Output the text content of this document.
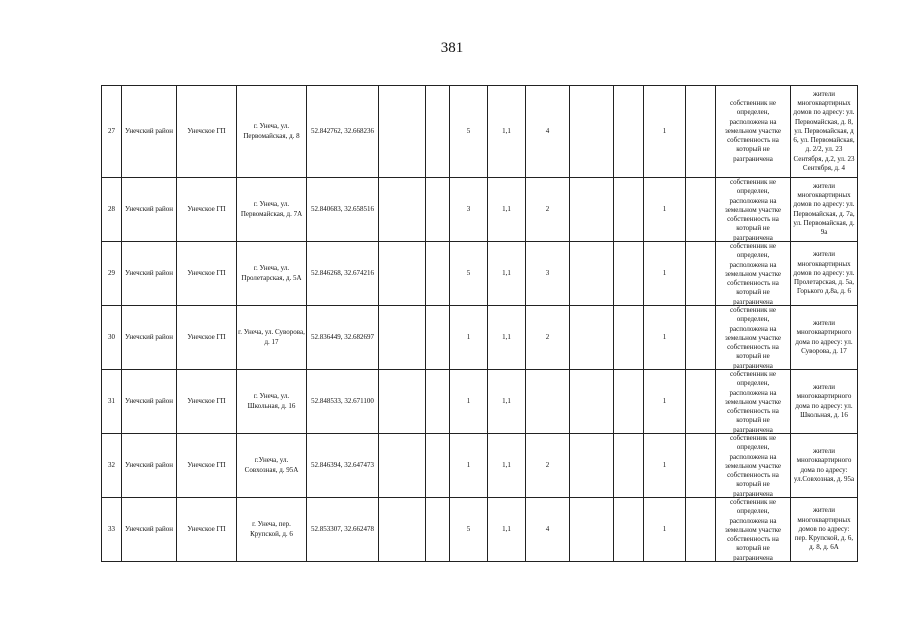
381
27	Унечский район	Унечское ГП	г. Унеча, ул. Первомайская, д. 8	52.842762, 32.668236			5	1,1	4			1		собственник не определен, расположена на земельном участке собственность на который не разграничена	жители многоквартирных домов по адресу: ул. Первомайская, д. 8, ул. Первомайская, д 6, ул. Первомайская, д. 2/2, ул. 23 Сентября, д.2, ул. 23 Сентября, д. 4

28	Унечский район	Унечское ГП	г. Унеча, ул. Первомайская, д. 7А	52.840683, 32.658516			3	1,1	2			1		собственник не определен, расположена на земельном участке собственность на который не разграничена	жители многоквартирных домов по адресу: ул. Первомайская, д. 7а, ул. Первомайская, д. 9а

29	Унечский район	Унечское ГП	г. Унеча, ул. Пролетарская, д. 5А	52.846268, 32.674216			5	1,1	3			1		собственник не определен, расположена на земельном участке собственность на который не разграничена	жители многоквартирных домов по адресу: ул. Пролетарская, д. 5а, Горького д.8а, д. 6

30	Унечский район	Унечское ГП	г. Унеча, ул. Суворова, д. 17	52.836449, 32.682697			1	1,1	2			1		собственник не определен, расположена на земельном участке собственность на который не разграничена	жители многоквартирного дома по адресу: ул. Суворова, д. 17

31	Унечский район	Унечское ГП	г. Унеча, ул. Школьная, д. 16	52.848533, 32.671100			1	1,1				1		собственник не определен, расположена на земельном участке собственность на который не разграничена	жители многоквартирного дома по адресу: ул. Школьная, д. 16

32	Унечский район	Унечское ГП	г.Унеча, ул. Совхозная, д. 95А	52.846394, 32.647473			1	1,1	2			1		собственник не определен, расположена на земельном участке собственность на который не разграничена	жители многоквартирного дома по адресу: ул.Совхозная, д. 95а

33	Унечский район	Унечское ГП	г. Унеча, пер. Крупской, д. 6	52.853307, 32.662478			5	1,1	4			1		собственник не определен, расположена на земельном участке собственность на который не разграничена	жители многоквартирных домов по адресу: пер. Крупской, д. 6, д. 8, д. 6А
